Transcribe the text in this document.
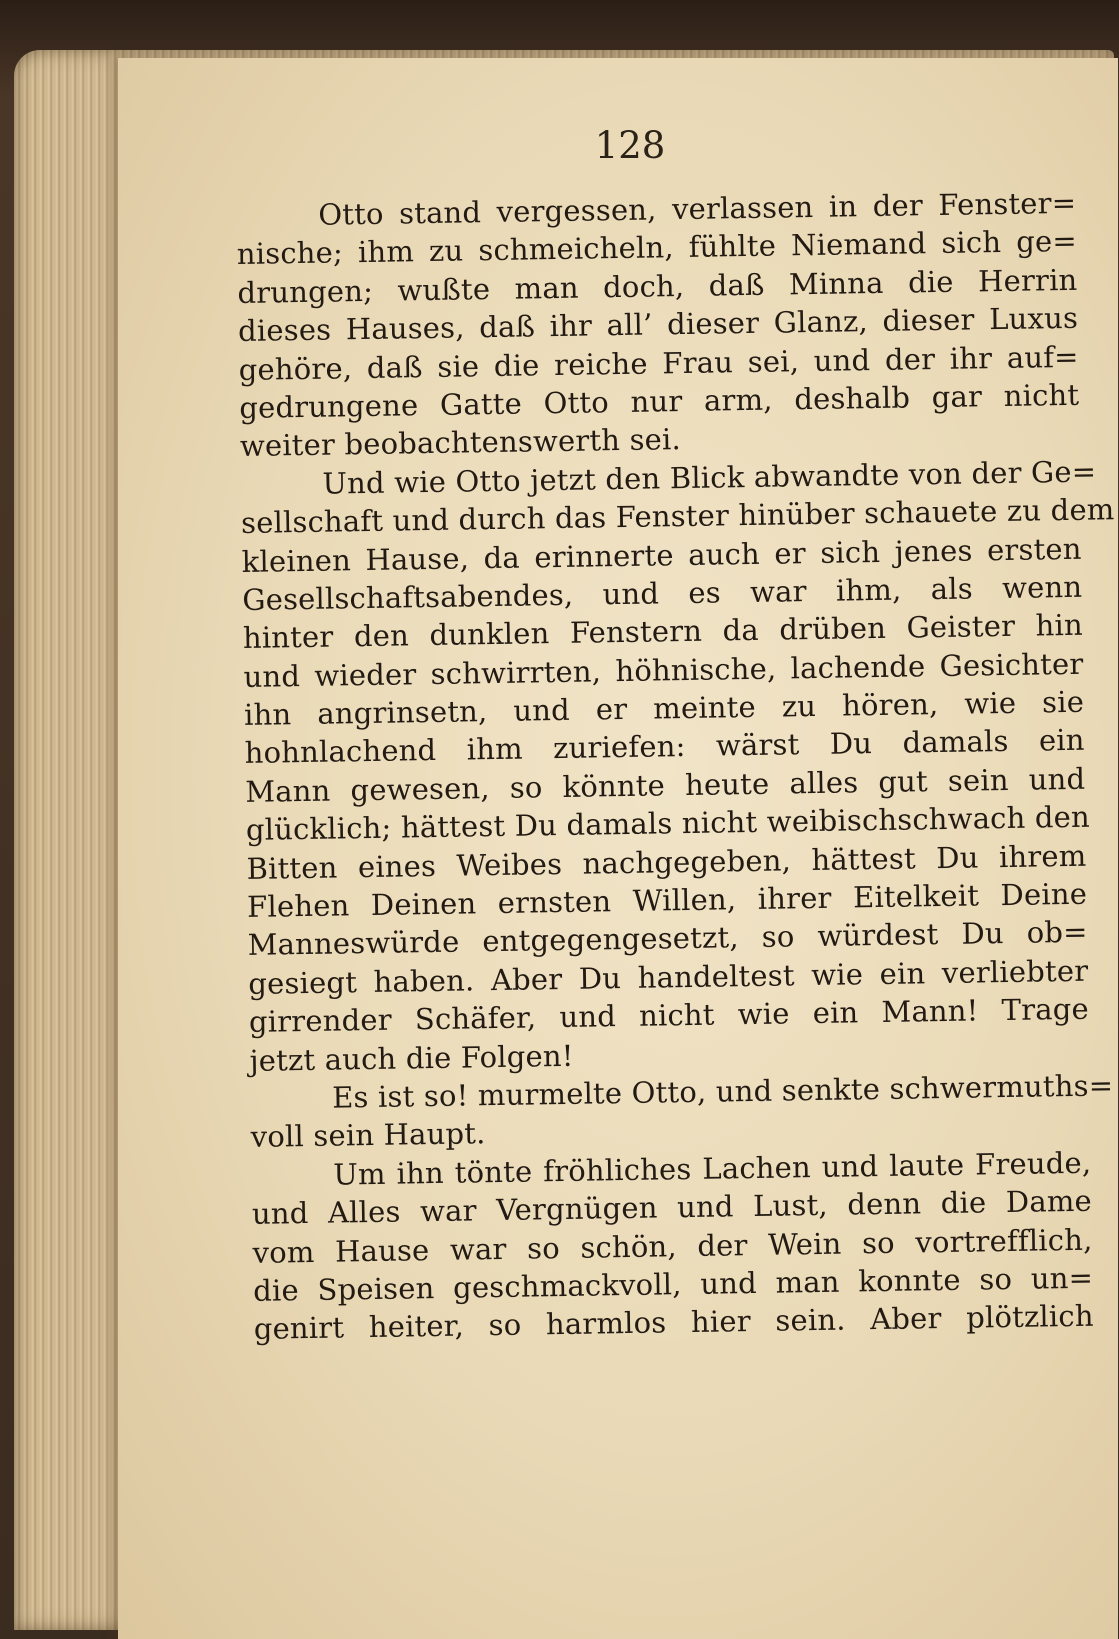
128
Otto stand vergessen, verlassen in der Fenster=
nische; ihm zu schmeicheln, fühlte Niemand sich ge=
drungen; wußte man doch, daß Minna die Herrin
dieses Hauses, daß ihr all’ dieser Glanz, dieser Luxus
gehöre, daß sie die reiche Frau sei, und der ihr auf=
gedrungene Gatte Otto nur arm, deshalb gar nicht
weiter beobachtenswerth sei.
Und wie Otto jetzt den Blick abwandte von der Ge=
sellschaft und durch das Fenster hinüber schauete zu dem
kleinen Hause, da erinnerte auch er sich jenes ersten
Gesellschaftsabendes, und es war ihm, als wenn
hinter den dunklen Fenstern da drüben Geister hin
und wieder schwirrten, höhnische, lachende Gesichter
ihn angrinsetn, und er meinte zu hören, wie sie
hohnlachend ihm zuriefen: wärst Du damals ein
Mann gewesen, so könnte heute alles gut sein und
glücklich; hättest Du damals nicht weibischschwach den
Bitten eines Weibes nachgegeben, hättest Du ihrem
Flehen Deinen ernsten Willen, ihrer Eitelkeit Deine
Manneswürde entgegengesetzt, so würdest Du ob=
gesiegt haben. Aber Du handeltest wie ein verliebter
girrender Schäfer, und nicht wie ein Mann! Trage
jetzt auch die Folgen!
Es ist so! murmelte Otto, und senkte schwermuths=
voll sein Haupt.
Um ihn tönte fröhliches Lachen und laute Freude,
und Alles war Vergnügen und Lust, denn die Dame
vom Hause war so schön, der Wein so vortrefflich,
die Speisen geschmackvoll, und man konnte so un=
genirt heiter, so harmlos hier sein. Aber plötzlich
